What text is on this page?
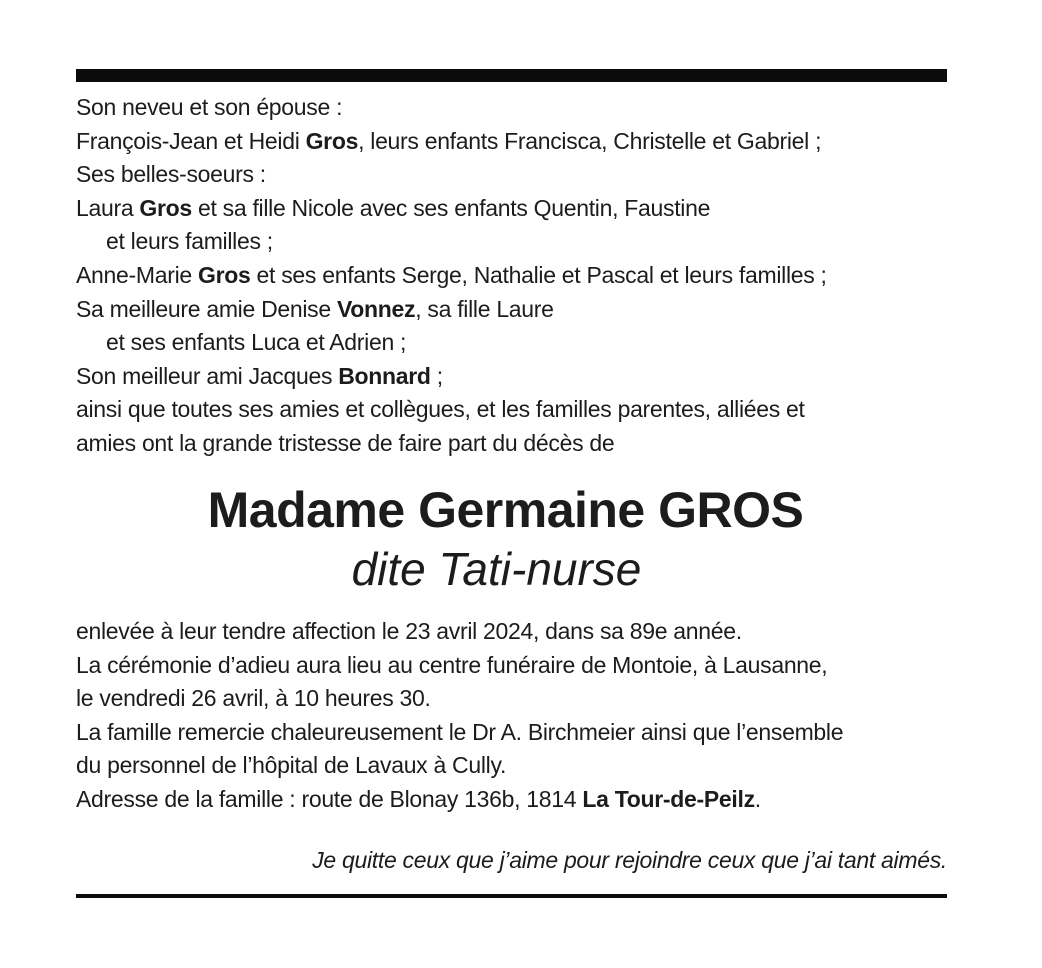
Son neveu et son épouse :
François-Jean et Heidi Gros, leurs enfants Francisca, Christelle et Gabriel ;
Ses belles-soeurs :
Laura Gros et sa fille Nicole avec ses enfants Quentin, Faustine
et leurs familles ;
Anne-Marie Gros et ses enfants Serge, Nathalie et Pascal et leurs familles ;
Sa meilleure amie Denise Vonnez, sa fille Laure
et ses enfants Luca et Adrien ;
Son meilleur ami Jacques Bonnard ;
ainsi que toutes ses amies et collègues, et les familles parentes, alliées et
amies ont la grande tristesse de faire part du décès de
Madame Germaine GROS
dite Tati-nurse
enlevée à leur tendre affection le 23 avril 2024, dans sa 89e année.
La cérémonie d’adieu aura lieu au centre funéraire de Montoie, à Lausanne,
le vendredi 26 avril, à 10 heures 30.
La famille remercie chaleureusement le Dr A. Birchmeier ainsi que l’ensemble
du personnel de l’hôpital de Lavaux à Cully.
Adresse de la famille : route de Blonay 136b, 1814 La Tour-de-Peilz.
Je quitte ceux que j’aime pour rejoindre ceux que j’ai tant aimés.
